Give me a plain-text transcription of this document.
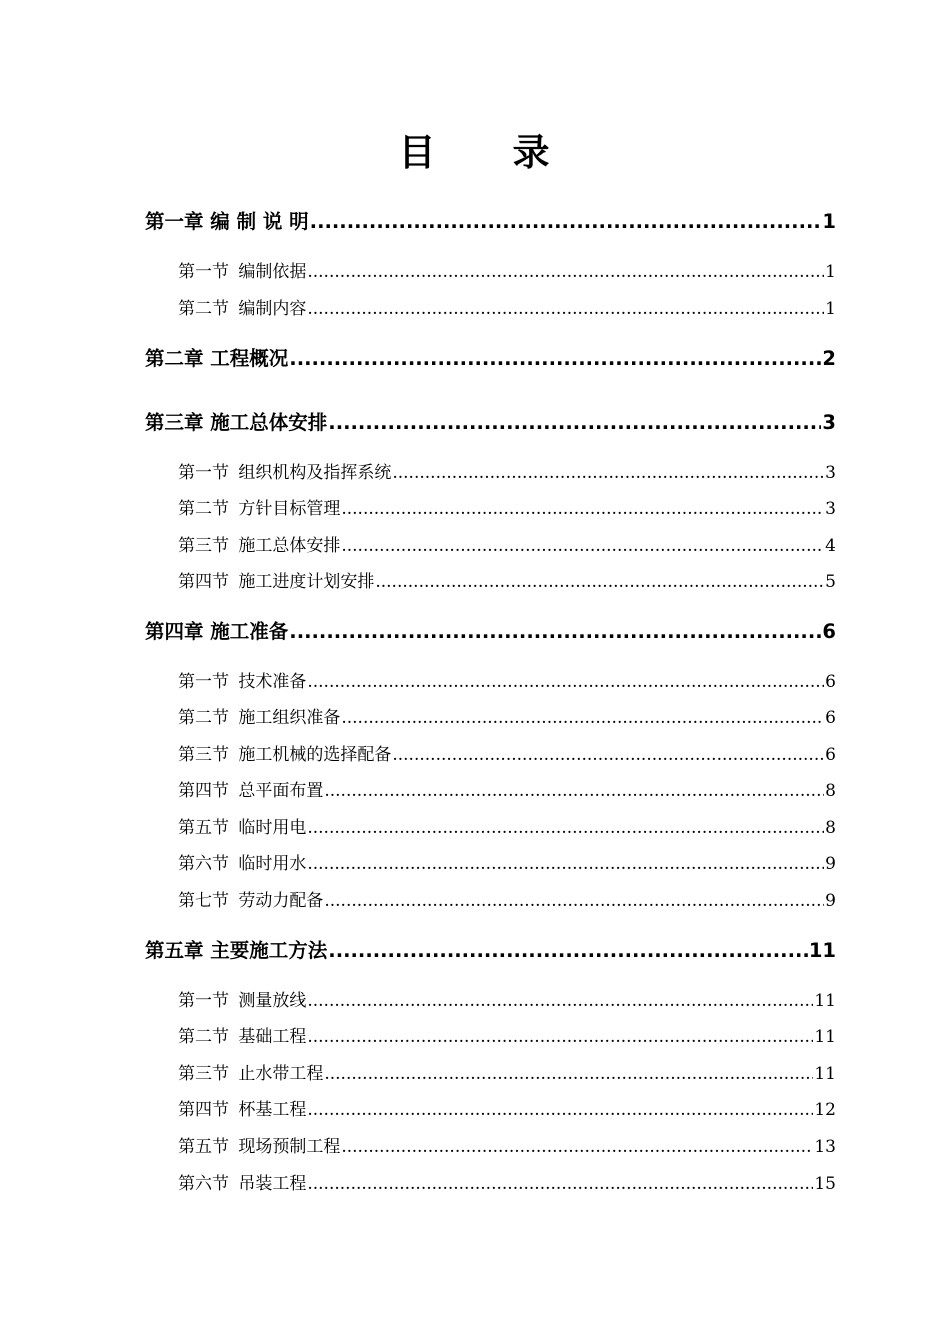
目 录
第一章 编 制 说 明 .....	1
第一节 编制依据 .....	1
第二节 编制内容 .....	1
第二章 工程概况 .....	2
第三章 施工总体安排 .....	3
第一节 组织机构及指挥系统 .....	3
第二节 方针目标管理 .....	3
第三节 施工总体安排 .....	4
第四节 施工进度计划安排 .....	5
第四章 施工准备 .....	6
第一节 技术准备 .....	6
第二节 施工组织准备 .....	6
第三节 施工机械的选择配备 .....	6
第四节 总平面布置 .....	8
第五节 临时用电 .....	8
第六节 临时用水 .....	9
第七节 劳动力配备 .....	9
第五章 主要施工方法 .....	11
第一节 测量放线 .....	11
第二节 基础工程 .....	11
第三节 止水带工程 .....	11
第四节 杯基工程 .....	12
第五节 现场预制工程 .....	13
第六节 吊装工程 .....	15
